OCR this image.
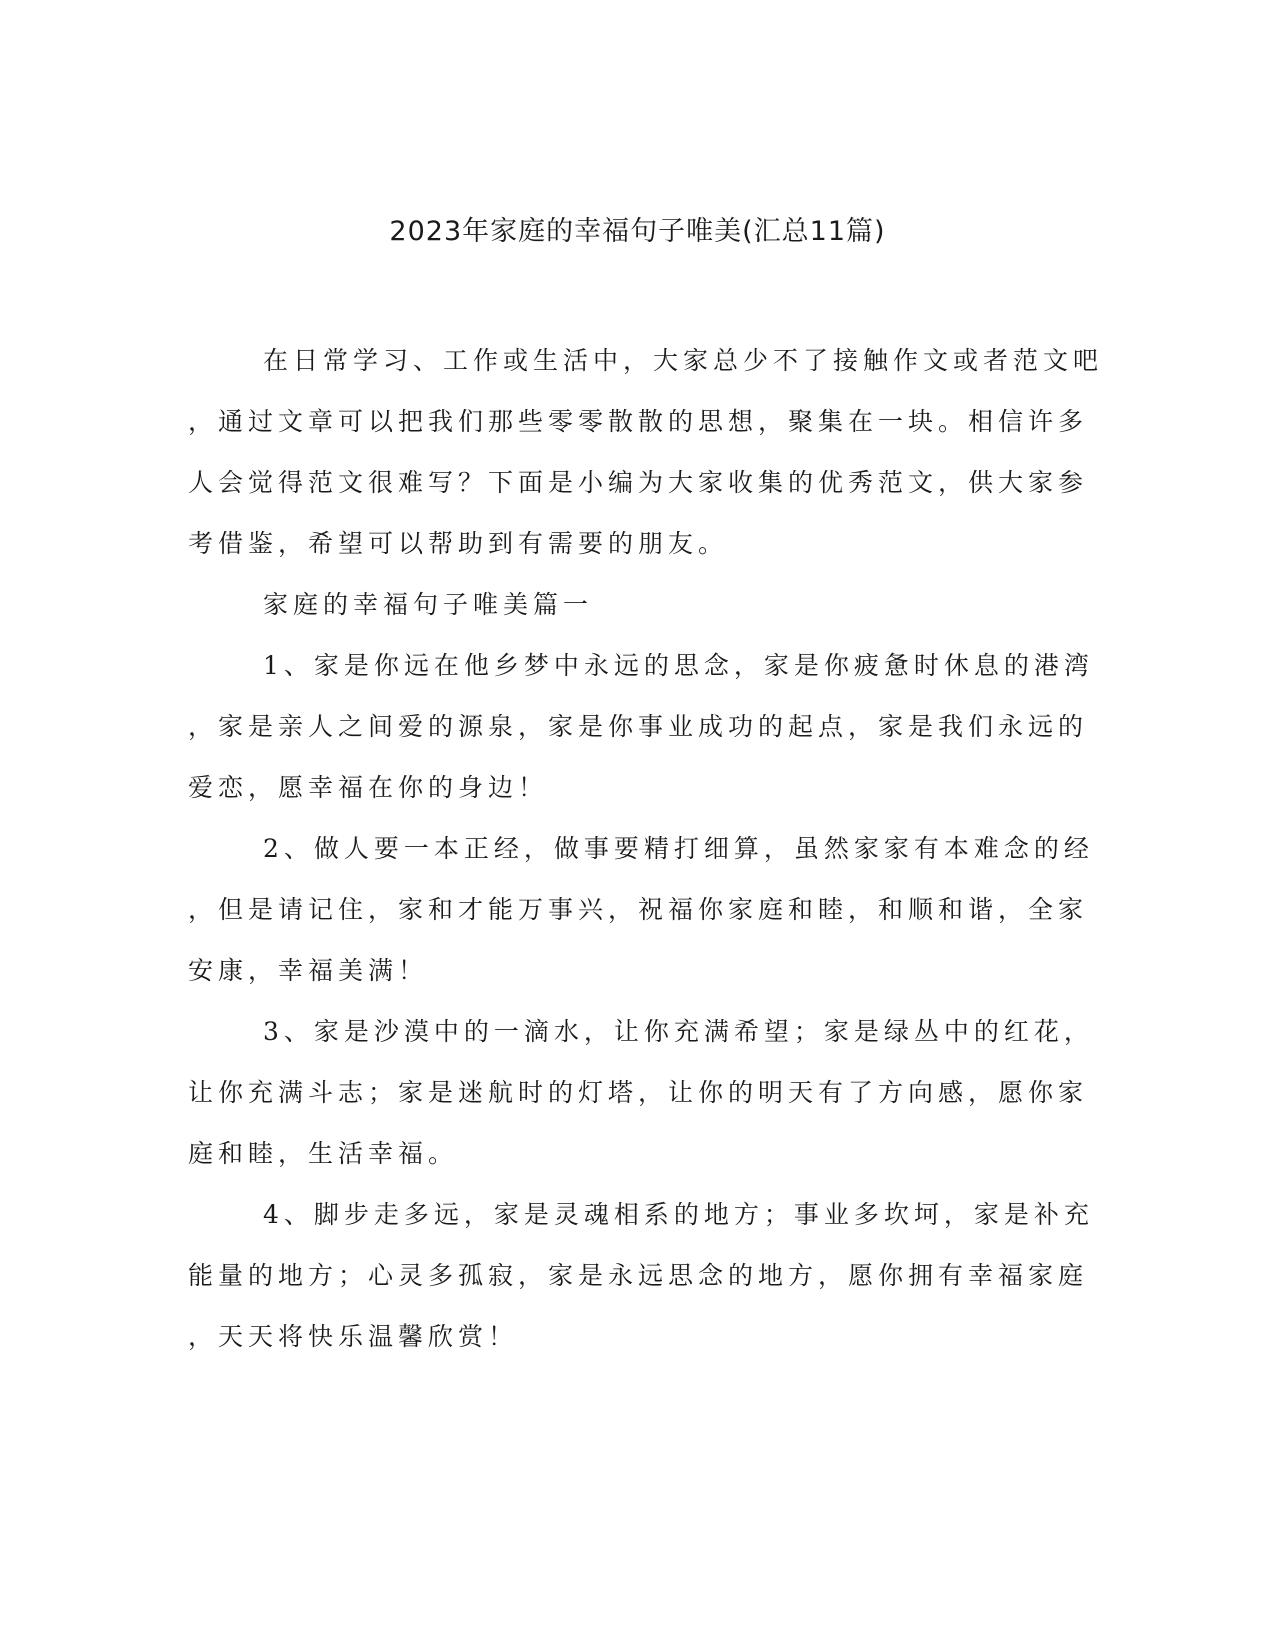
2023年家庭的幸福句子唯美(汇总11篇)
在日常学习、工作或生活中，大家总少不了接触作文或者范文吧
，通过文章可以把我们那些零零散散的思想，聚集在一块。相信许多
人会觉得范文很难写？下面是小编为大家收集的优秀范文，供大家参
考借鉴，希望可以帮助到有需要的朋友。
家庭的幸福句子唯美篇一
1、家是你远在他乡梦中永远的思念，家是你疲惫时休息的港湾
，家是亲人之间爱的源泉，家是你事业成功的起点，家是我们永远的
爱恋，愿幸福在你的身边！
2、做人要一本正经，做事要精打细算，虽然家家有本难念的经
，但是请记住，家和才能万事兴，祝福你家庭和睦，和顺和谐，全家
安康，幸福美满！
3、家是沙漠中的一滴水，让你充满希望；家是绿丛中的红花，
让你充满斗志；家是迷航时的灯塔，让你的明天有了方向感，愿你家
庭和睦，生活幸福。
4、脚步走多远，家是灵魂相系的地方；事业多坎坷，家是补充
能量的地方；心灵多孤寂，家是永远思念的地方，愿你拥有幸福家庭
，天天将快乐温馨欣赏！
